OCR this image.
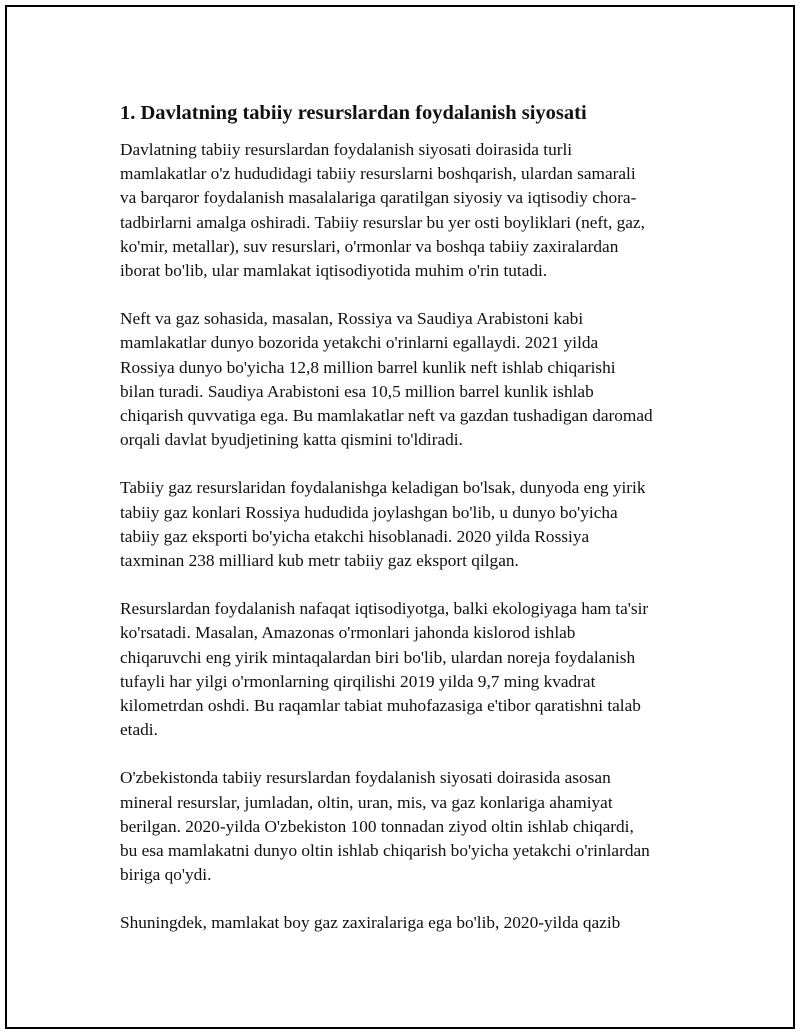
1. Davlatning tabiiy resurslardan foydalanish siyosati
Davlatning tabiiy resurslardan foydalanish siyosati doirasida turli
mamlakatlar o'z hududidagi tabiiy resurslarni boshqarish, ulardan samarali
va barqaror foydalanish masalalariga qaratilgan siyosiy va iqtisodiy chora-
tadbirlarni amalga oshiradi. Tabiiy resurslar bu yer osti boyliklari (neft, gaz,
ko'mir, metallar), suv resurslari, o'rmonlar va boshqa tabiiy zaxiralardan
iborat bo'lib, ular mamlakat iqtisodiyotida muhim o'rin tutadi.
Neft va gaz sohasida, masalan, Rossiya va Saudiya Arabistoni kabi
mamlakatlar dunyo bozorida yetakchi o'rinlarni egallaydi. 2021 yilda
Rossiya dunyo bo'yicha 12,8 million barrel kunlik neft ishlab chiqarishi
bilan turadi. Saudiya Arabistoni esa 10,5 million barrel kunlik ishlab
chiqarish quvvatiga ega. Bu mamlakatlar neft va gazdan tushadigan daromad
orqali davlat byudjetining katta qismini to'ldiradi.
Tabiiy gaz resurslaridan foydalanishga keladigan bo'lsak, dunyoda eng yirik
tabiiy gaz konlari Rossiya hududida joylashgan bo'lib, u dunyo bo'yicha
tabiiy gaz eksporti bo'yicha etakchi hisoblanadi. 2020 yilda Rossiya
taxminan 238 milliard kub metr tabiiy gaz eksport qilgan.
Resurslardan foydalanish nafaqat iqtisodiyotga, balki ekologiyaga ham ta'sir
ko'rsatadi. Masalan, Amazonas o'rmonlari jahonda kislorod ishlab
chiqaruvchi eng yirik mintaqalardan biri bo'lib, ulardan noreja foydalanish
tufayli har yilgi o'rmonlarning qirqilishi 2019 yilda 9,7 ming kvadrat
kilometrdan oshdi. Bu raqamlar tabiat muhofazasiga e'tibor qaratishni talab
etadi.
O'zbekistonda tabiiy resurslardan foydalanish siyosati doirasida asosan
mineral resurslar, jumladan, oltin, uran, mis, va gaz konlariga ahamiyat
berilgan. 2020-yilda O'zbekiston 100 tonnadan ziyod oltin ishlab chiqardi,
bu esa mamlakatni dunyo oltin ishlab chiqarish bo'yicha yetakchi o'rinlardan
biriga qo'ydi.
Shuningdek, mamlakat boy gaz zaxiralariga ega bo'lib, 2020-yilda qazib
